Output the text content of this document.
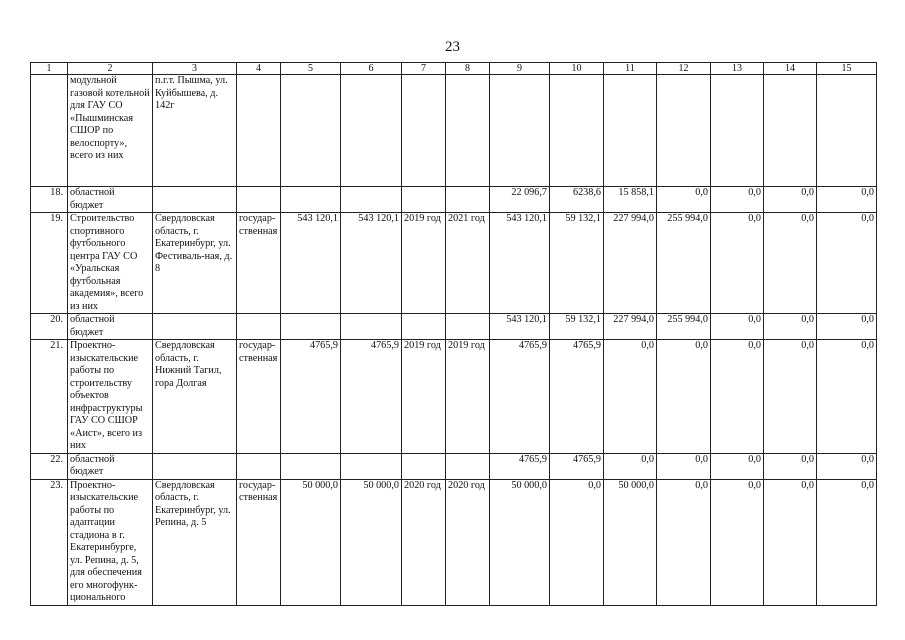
23
1	2	3	4	5	6	7	8	9	10	11	12	13	14	15
	модульной газовой котельной для ГАУ СО «Пышминская СШОР по велоспорту», всего из них	п.г.т. Пышма, ул. Куйбышева, д. 142г												
18.	областной бюджет							22 096,7	6238,6	15 858,1	0,0	0,0	0,0	0,0
19.	Строительство спортивного футбольного центра ГАУ СО «Уральская футбольная академия», всего из них	Свердловская область, г. Екатеринбург, ул. Фестиваль-ная, д. 8	государ-ственная	543 120,1	543 120,1	2019 год	2021 год	543 120,1	59 132,1	227 994,0	255 994,0	0,0	0,0	0,0
20.	областной бюджет							543 120,1	59 132,1	227 994,0	255 994,0	0,0	0,0	0,0
21.	Проектно-изыскательские работы по строительству объектов инфраструктуры ГАУ СО СШОР «Аист», всего из них	Свердловская область, г. Нижний Тагил, гора Долгая	государ-ственная	4765,9	4765,9	2019 год	2019 год	4765,9	4765,9	0,0	0,0	0,0	0,0	0,0
22.	областной бюджет							4765,9	4765,9	0,0	0,0	0,0	0,0	0,0
23.	Проектно-изыскательские работы по адаптации стадиона в г. Екатеринбурге, ул. Репина, д. 5, для обеспечения его многофунк-ционального	Свердловская область, г. Екатеринбург, ул. Репина, д. 5	государ-ственная	50 000,0	50 000,0	2020 год	2020 год	50 000,0	0,0	50 000,0	0,0	0,0	0,0	0,0
